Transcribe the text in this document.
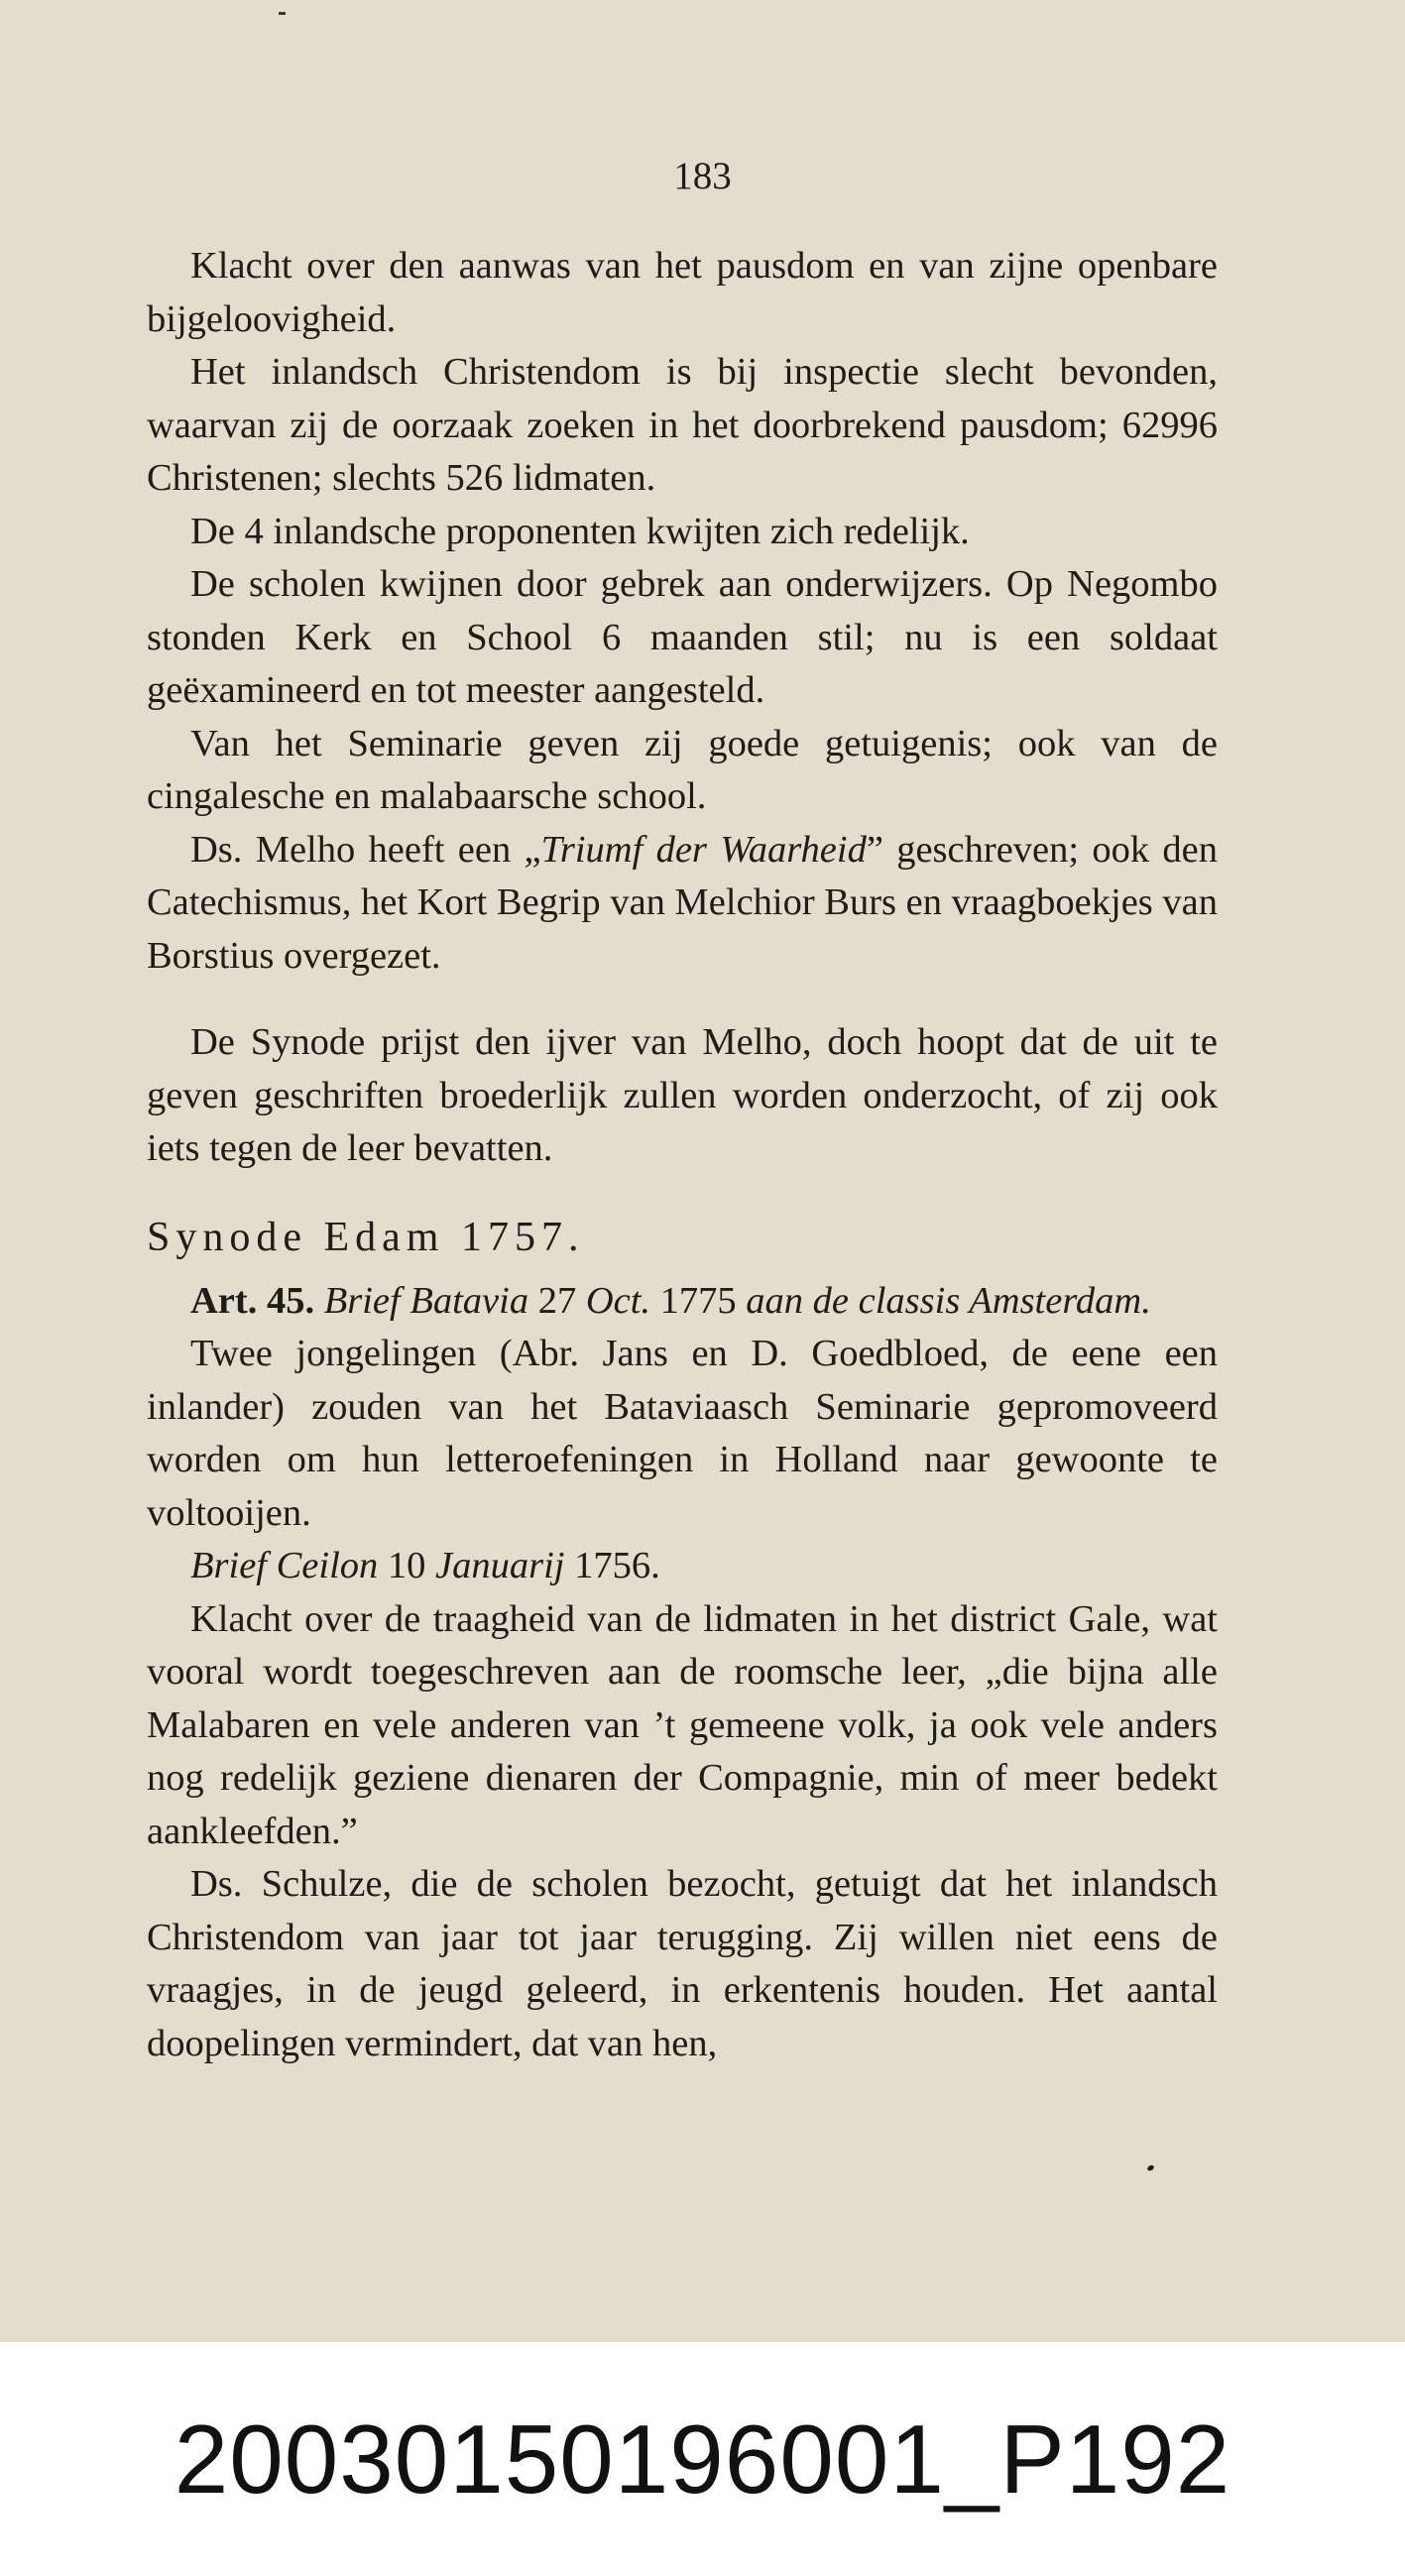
183

Klacht over den aanwas van het pausdom en van zijne openbare bijgeloovigheid.

Het inlandsch Christendom is bij inspectie slecht bevonden, waarvan zij de oorzaak zoeken in het doorbrekend pausdom; 62996 Christenen; slechts 526 lidmaten.

De 4 inlandsche proponenten kwijten zich redelijk.

De scholen kwijnen door gebrek aan onderwijzers. Op Negombo stonden Kerk en School 6 maanden stil; nu is een soldaat geëxamineerd en tot meester aangesteld.

Van het Seminarie geven zij goede getuigenis; ook van de cingalesche en malabaarsche school.

Ds. Melho heeft een „Triumf der Waarheid” geschreven; ook den Catechismus, het Kort Begrip van Melchior Burs en vraagboekjes van Borstius overgezet.

De Synode prijst den ijver van Melho, doch hoopt dat de uit te geven geschriften broederlijk zullen worden onderzocht, of zij ook iets tegen de leer bevatten.

Synode Edam 1757.

Art. 45. Brief Batavia 27 Oct. 1775 aan de classis Amsterdam.

Twee jongelingen (Abr. Jans en D. Goedbloed, de eene een inlander) zouden van het Bataviaasch Seminarie gepromoveerd worden om hun letteroefeningen in Holland naar gewoonte te voltooijen.

Brief Ceilon 10 Januarij 1756.

Klacht over de traagheid van de lidmaten in het district Gale, wat vooral wordt toegeschreven aan de roomsche leer, „die bijna alle Malabaren en vele anderen van ’t gemeene volk, ja ook vele anders nog redelijk geziene dienaren der Compagnie, min of meer bedekt aankleefden.”

Ds. Schulze, die de scholen bezocht, getuigt dat het inlandsch Christendom van jaar tot jaar terugging. Zij willen niet eens de vraagjes, in de jeugd geleerd, in erkentenis houden. Het aantal doopelingen vermindert, dat van hen,

20030150196001_P192
